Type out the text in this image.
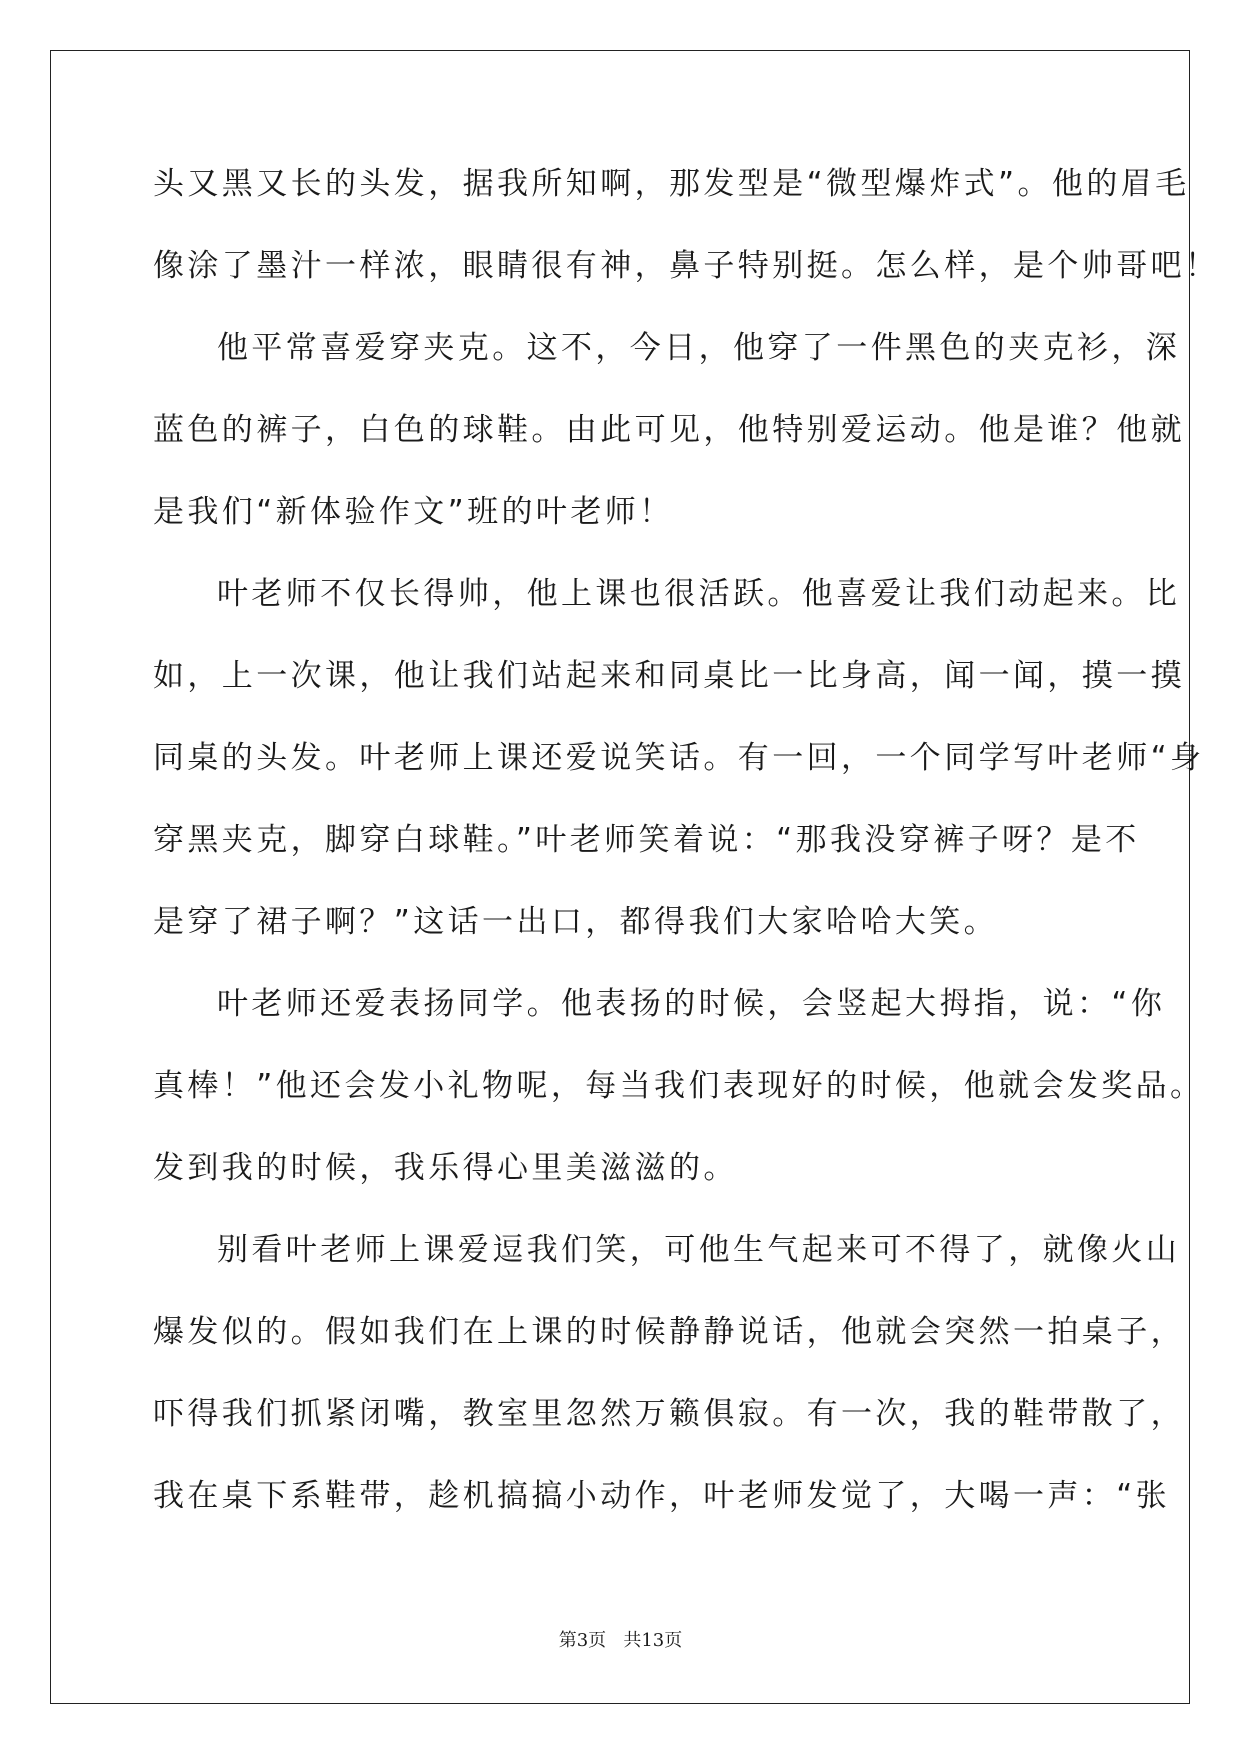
头又黑又长的头发，据我所知啊，那发型是“微型爆炸式”。他的眉毛
像涂了墨汁一样浓，眼睛很有神，鼻子特别挺。怎么样，是个帅哥吧！
他平常喜爱穿夹克。这不，今日，他穿了一件黑色的夹克衫，深
蓝色的裤子，白色的球鞋。由此可见，他特别爱运动。他是谁？他就
是我们“新体验作文”班的叶老师！
叶老师不仅长得帅，他上课也很活跃。他喜爱让我们动起来。比
如，上一次课，他让我们站起来和同桌比一比身高，闻一闻，摸一摸
同桌的头发。叶老师上课还爱说笑话。有一回，一个同学写叶老师“身
穿黑夹克，脚穿白球鞋。”叶老师笑着说：“那我没穿裤子呀？是不
是穿了裙子啊？”这话一出口，都得我们大家哈哈大笑。
叶老师还爱表扬同学。他表扬的时候，会竖起大拇指，说：“你
真棒！”他还会发小礼物呢，每当我们表现好的时候，他就会发奖品。
发到我的时候，我乐得心里美滋滋的。
别看叶老师上课爱逗我们笑，可他生气起来可不得了，就像火山
爆发似的。假如我们在上课的时候静静说话，他就会突然一拍桌子，
吓得我们抓紧闭嘴，教室里忽然万籁俱寂。有一次，我的鞋带散了，
我在桌下系鞋带，趁机搞搞小动作，叶老师发觉了，大喝一声：“张
第3页   共13页
